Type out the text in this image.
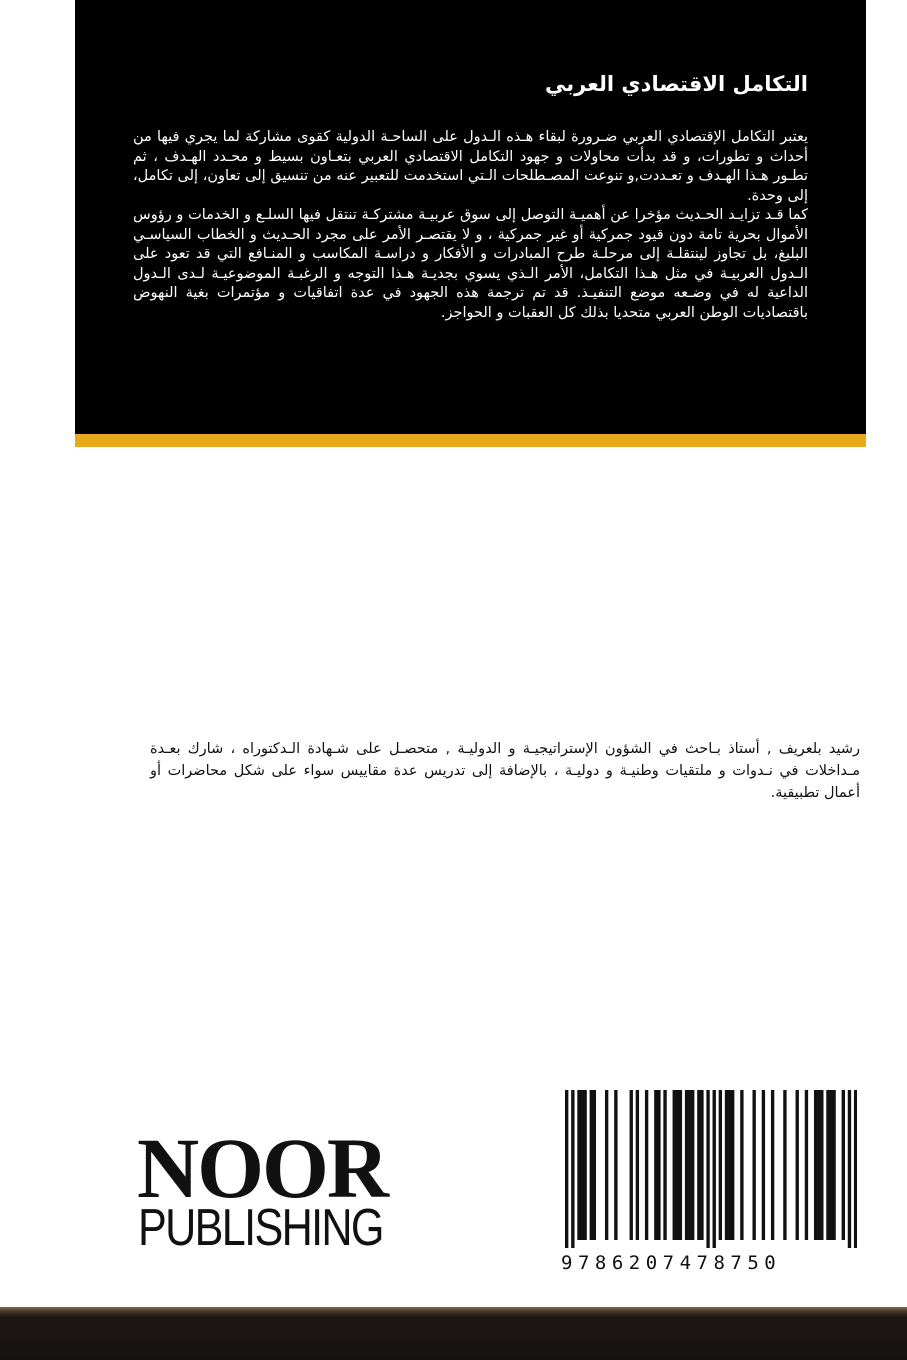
التكامل الاقتصادي العربي

يعتبر التكامل الإقتصادي العربي ضـرورة لبقاء هـذه الـدول على الساحـة الدولية كقوى مشاركة لما يجري فيها من أحداث و تطورات، و قد بدأت محاولات و جهود التكامل الاقتصادي العربي بتعـاون بسيط و محـدد الهـدف ، ثم تطـور هـذا الهـدف و تعـددت,و تنوعت المصـطلحات الـتي استخدمت للتعبير عنه من تنسيق إلى تعاون، إلى تكامل، إلى وحدة.

كما قـد تزايـد الحـديث مؤخرا عن أهميـة التوصل إلى سوق عربيـة مشتركـة تنتقل فيها السلـع و الخدمات و رؤوس الأموال بحرية تامة دون قيود جمركية أو غير جمركية ، و لا يقتصـر الأمر على مجرد الحـديث و الخطاب السياسـي البليغ، بل تجاوز لينتقلـة إلى مرحلـة طرح المبادرات و الأفكار و دراسـة المكاسب و المنـافع التي قد تعود على الـدول العربيـة في مثل هـذا التكامل، الأمر الـذي يسوي بجديـة هـذا التوجه و الرغبـة الموضوعيـة لـدى الـدول الداعية له في وضـعه موضع التنفيـذ. قد تم ترجمة هذه الجهود في عدة اتفاقيات و مؤتمرات بغية النهوض باقتصاديات الوطن العربي متحديا بذلك كل العقبات و الحواجز.

رشيد بلعريف , أستاذ بـاحث في الشؤون الإستراتيجيـة و الدوليـة , متحصـل على شـهادة الـدكتوراه ، شارك بعـدة مـداخلات في نـدوات و ملتقيات وطنيـة و دوليـة ، بالإضافة إلى تدريس عدة مقاييس سواء على شكل محاضرات أو أعمال تطبيقية.

NOOR
PUBLISHING
9786207478750
